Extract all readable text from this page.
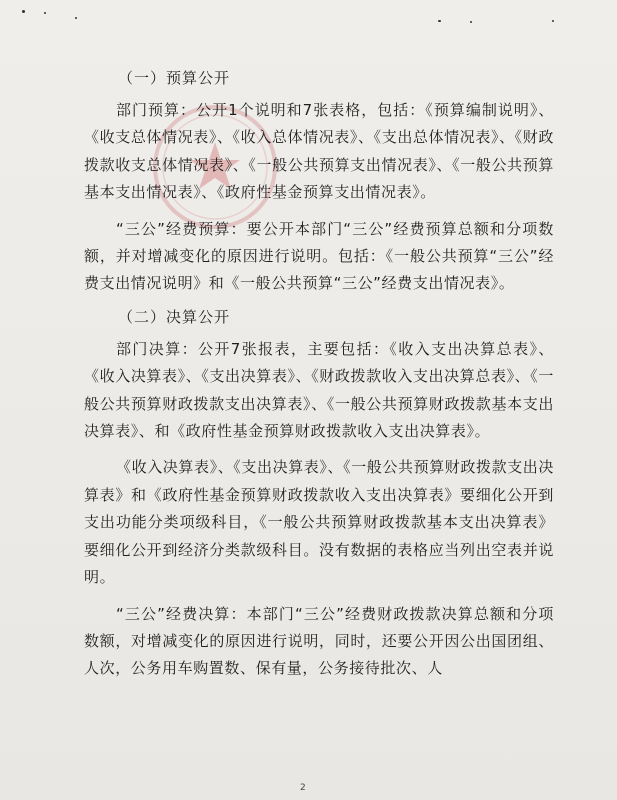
（一）预算公开

部门预算：公开1个说明和7张表格，包括：《预算编制说明》、《收支总体情况表》、《收入总体情况表》、《支出总体情况表》、《财政拨款收支总体情况表》、《一般公共预算支出情况表》、《一般公共预算基本支出情况表》、《政府性基金预算支出情况表》。

“三公”经费预算：要公开本部门“三公”经费预算总额和分项数额，并对增减变化的原因进行说明。包括：《一般公共预算“三公”经费支出情况说明》和《一般公共预算“三公”经费支出情况表》。

（二）决算公开

部门决算：公开7张报表，主要包括：《收入支出决算总表》、《收入决算表》、《支出决算表》、《财政拨款收入支出决算总表》、《一般公共预算财政拨款支出决算表》、《一般公共预算财政拨款基本支出决算表》、和《政府性基金预算财政拨款收入支出决算表》。

《收入决算表》、《支出决算表》、《一般公共预算财政拨款支出决算表》和《政府性基金预算财政拨款收入支出决算表》要细化公开到支出功能分类项级科目，《一般公共预算财政拨款基本支出决算表》要细化公开到经济分类款级科目。没有数据的表格应当列出空表并说明。

“三公”经费决算：本部门“三公”经费财政拨款决算总额和分项数额，对增减变化的原因进行说明，同时，还要公开因公出国团组、人次，公务用车购置数、保有量，公务接待批次、人

2
